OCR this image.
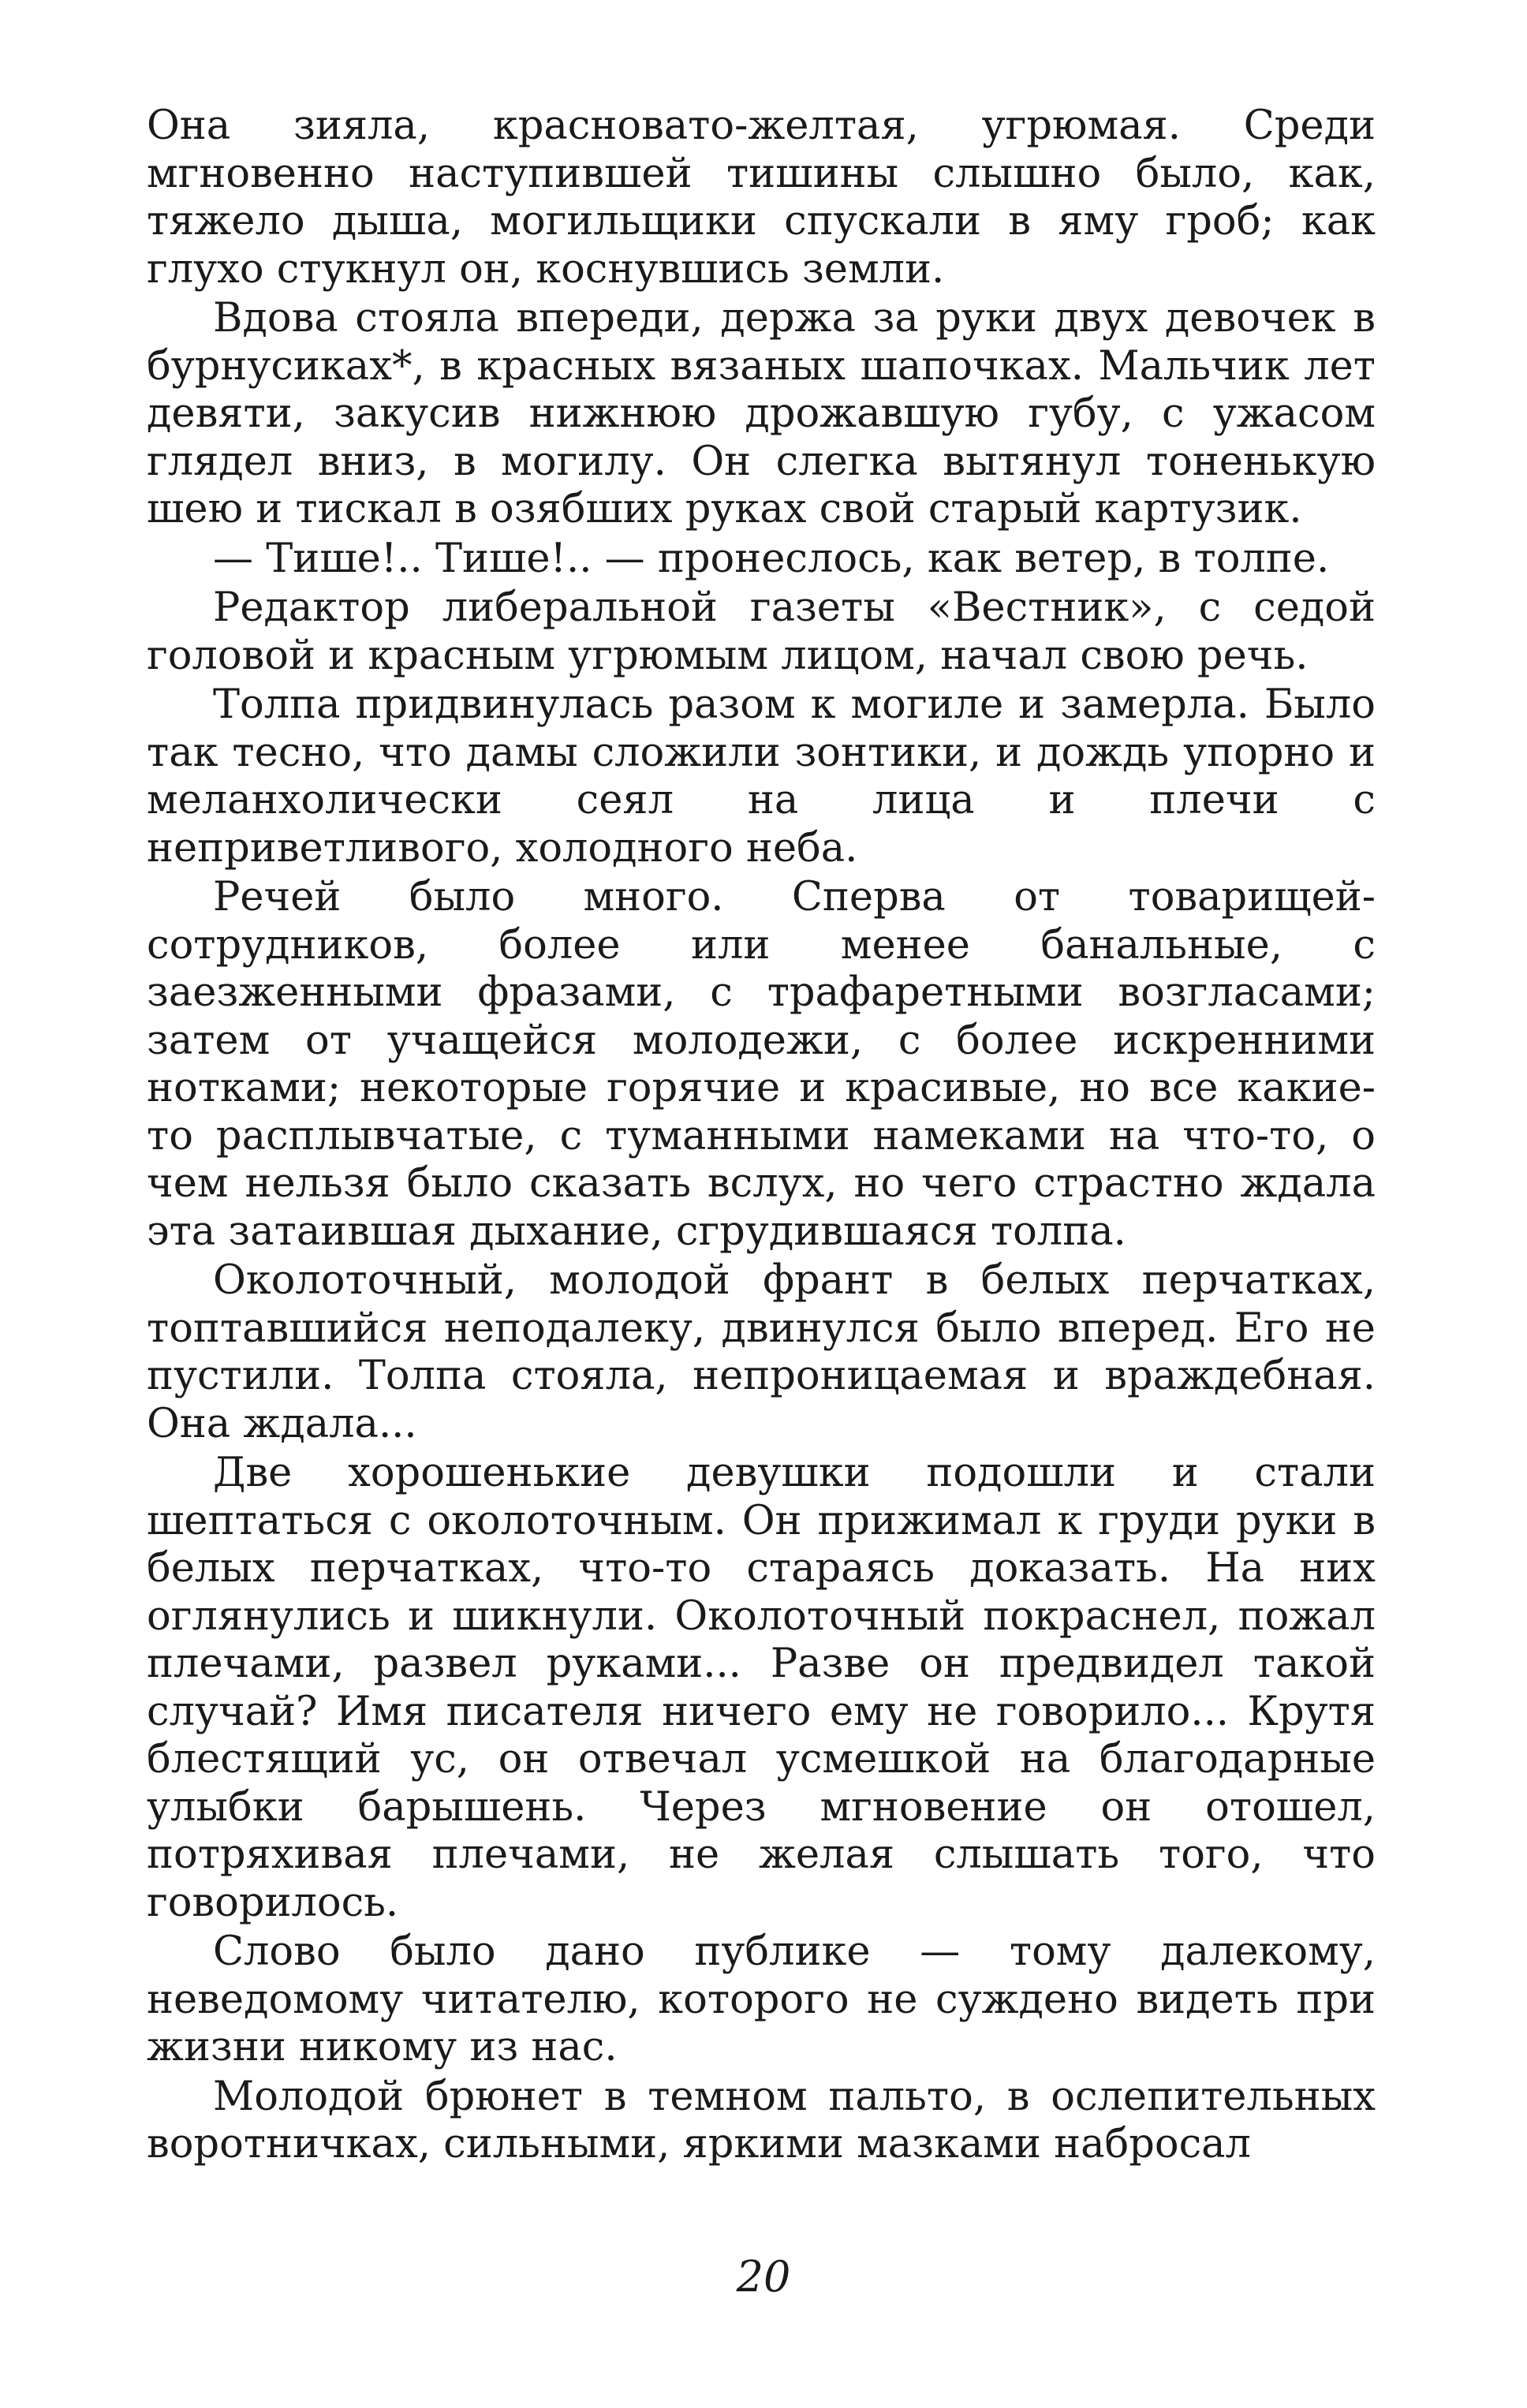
Она зияла, красновато-желтая, угрюмая. Среди мгновенно наступившей тишины слышно было, как, тяжело дыша, могильщики спускали в яму гроб; как глухо стукнул он, коснувшись земли.

Вдова стояла впереди, держа за руки двух девочек в бурнусиках*, в красных вязаных шапочках. Мальчик лет девяти, закусив нижнюю дрожавшую губу, с ужасом глядел вниз, в могилу. Он слегка вытянул тоненькую шею и тискал в озябших руках свой старый картузик.

— Тише!.. Тише!.. — пронеслось, как ветер, в толпе.

Редактор либеральной газеты «Вестник», с седой головой и красным угрюмым лицом, начал свою речь.

Толпа придвинулась разом к могиле и замерла. Было так тесно, что дамы сложили зонтики, и дождь упорно и меланхолически сеял на лица и плечи с неприветливого, холодного неба.

Речей было много. Сперва от товарищей-сотрудников, более или менее банальные, с заезженными фразами, с трафаретными возгласами; затем от учащейся молодежи, с более искренними нотками; некоторые горячие и красивые, но все какие-то расплывчатые, с туманными намеками на что-то, о чем нельзя было сказать вслух, но чего страстно ждала эта затаившая дыхание, сгрудившаяся толпа.

Околоточный, молодой франт в белых перчатках, топтавшийся неподалеку, двинулся было вперед. Его не пустили. Толпа стояла, непроницаемая и враждебная. Она ждала...

Две хорошенькие девушки подошли и стали шептаться с околоточным. Он прижимал к груди руки в белых перчатках, что-то стараясь доказать. На них оглянулись и шикнули. Околоточный покраснел, пожал плечами, развел руками... Разве он предвидел такой случай? Имя писателя ничего ему не говорило... Крутя блестящий ус, он отвечал усмешкой на благодарные улыбки барышень. Через мгновение он отошел, потряхивая плечами, не желая слышать того, что говорилось.

Слово было дано публике — тому далекому, неведомому читателю, которого не суждено видеть при жизни никому из нас.

Молодой брюнет в темном пальто, в ослепительных воротничках, сильными, яркими мазками набросал

20
